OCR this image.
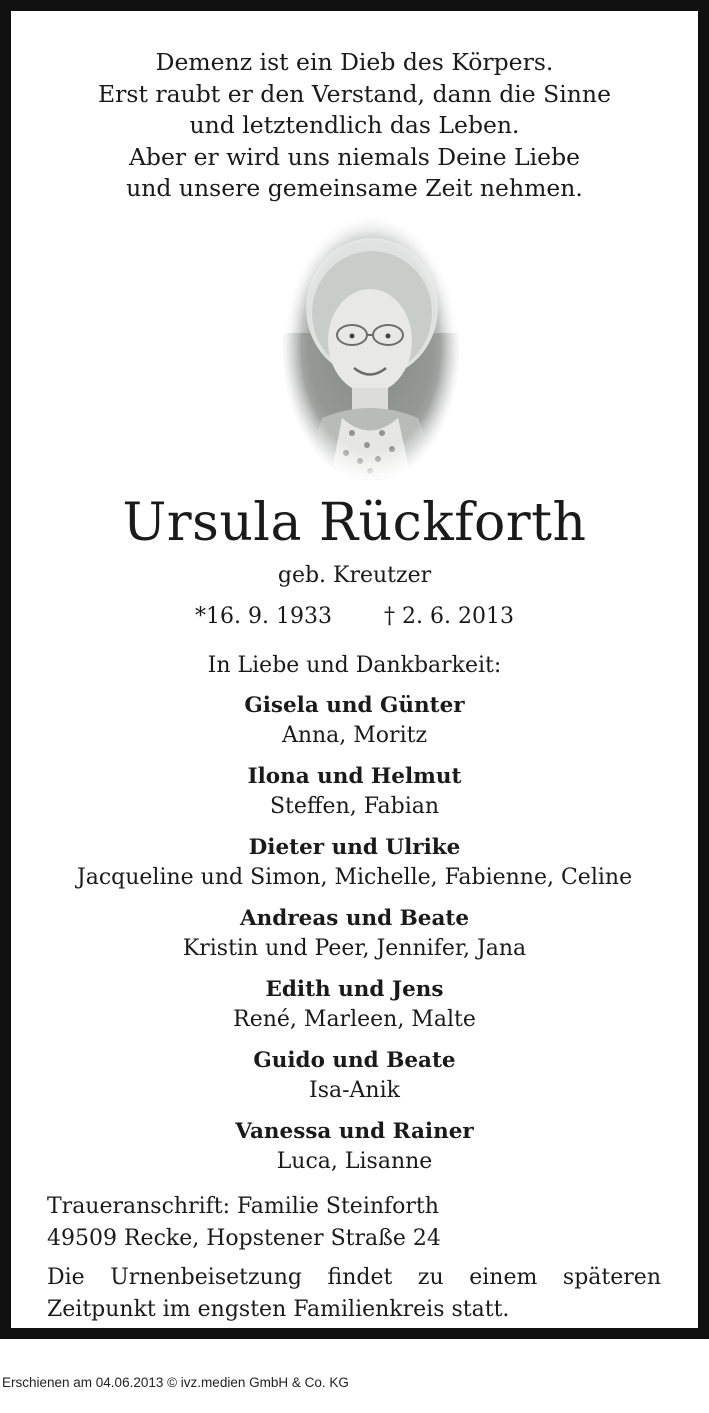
Demenz ist ein Dieb des Körpers.
Erst raubt er den Verstand, dann die Sinne
und letztendlich das Leben.
Aber er wird uns niemals Deine Liebe
und unsere gemeinsame Zeit nehmen.
Ursula Rückforth
geb. Kreutzer
*16. 9. 1933 † 2. 6. 2013
In Liebe und Dankbarkeit:
Gisela und Günter
Anna, Moritz
Ilona und Helmut
Steffen, Fabian
Dieter und Ulrike
Jacqueline und Simon, Michelle, Fabienne, Celine
Andreas und Beate
Kristin und Peer, Jennifer, Jana
Edith und Jens
René, Marleen, Malte
Guido und Beate
Isa-Anik
Vanessa und Rainer
Luca, Lisanne
Traueranschrift: Familie Steinforth
49509 Recke, Hopstener Straße 24
Die Urnenbeisetzung findet zu einem späteren Zeitpunkt im engsten Familienkreis statt.
Erschienen am 04.06.2013 © ivz.medien GmbH & Co. KG
